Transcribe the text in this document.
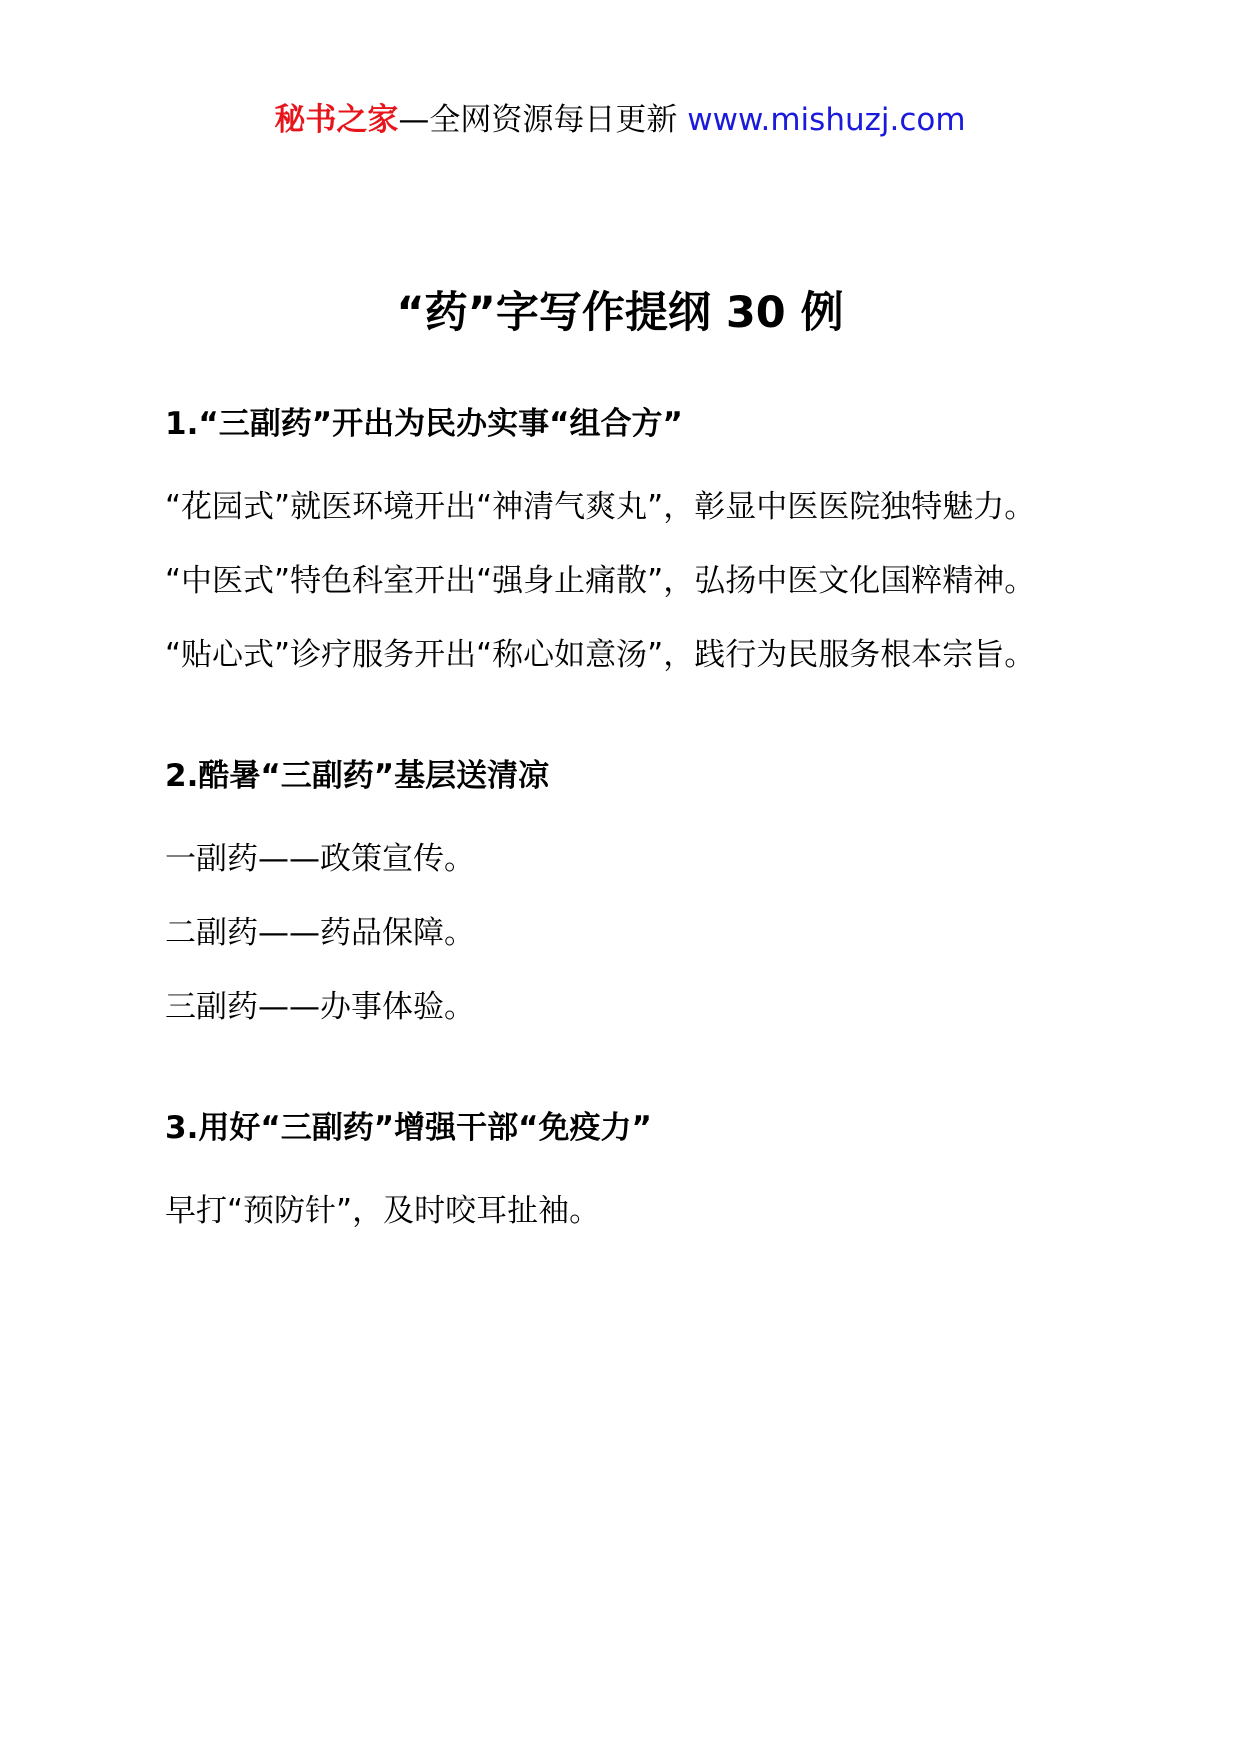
秘书之家—全网资源每日更新 www.mishuzj.com
“药”字写作提纲 30 例

1.“三副药”开出为民办实事“组合方”

“花园式”就医环境开出“神清气爽丸”，彰显中医医院独特魅力。

“中医式”特色科室开出“强身止痛散”，弘扬中医文化国粹精神。

“贴心式”诊疗服务开出“称心如意汤”，践行为民服务根本宗旨。

2.酷暑“三副药”基层送清凉

一副药——政策宣传。

二副药——药品保障。

三副药——办事体验。

3.用好“三副药”增强干部“免疫力”

早打“预防针”，及时咬耳扯袖。
